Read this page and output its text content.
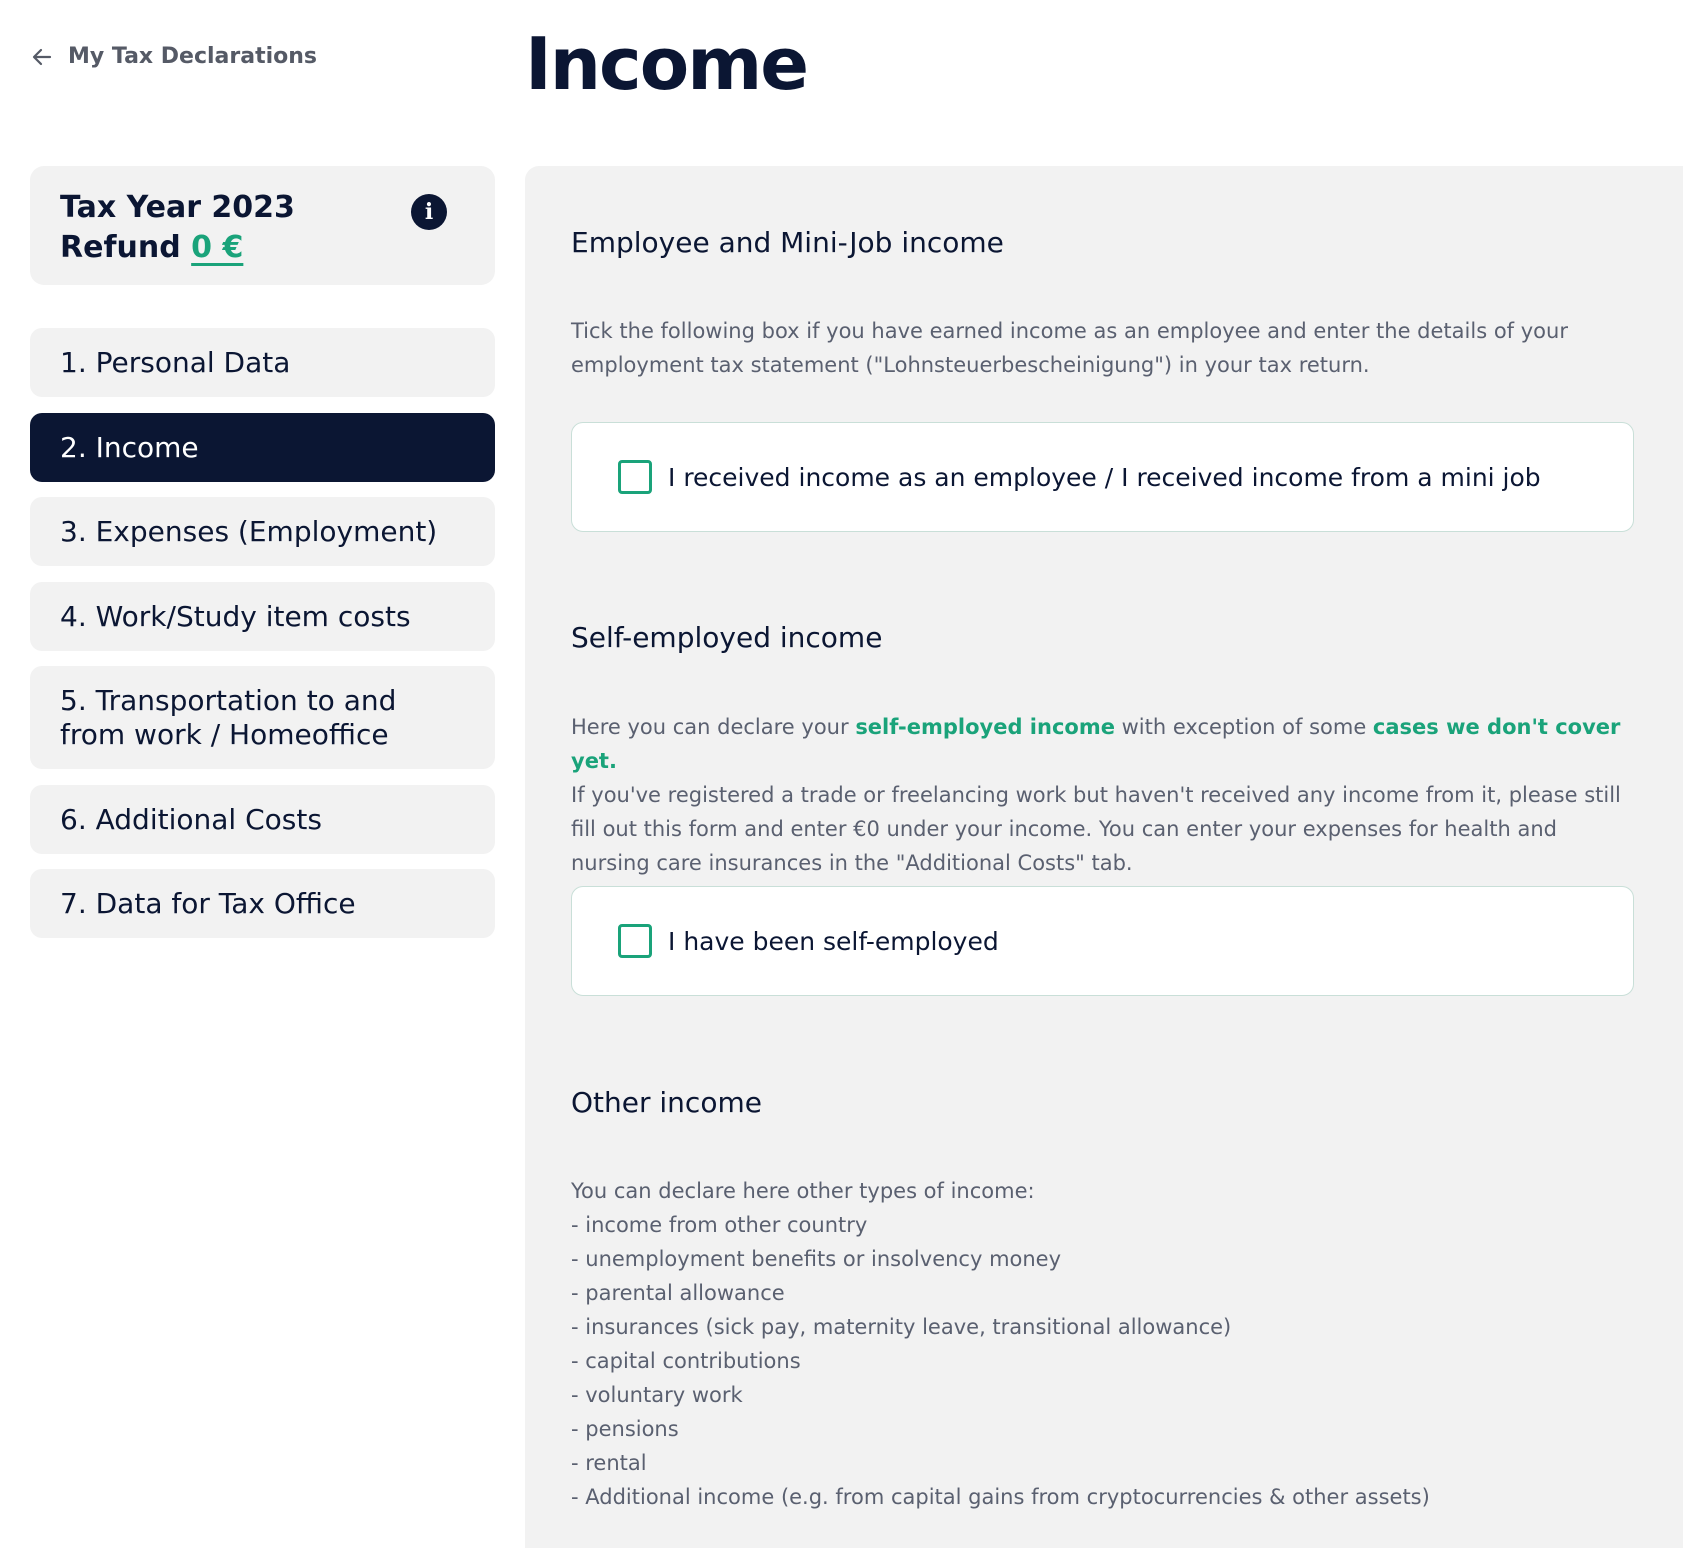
My Tax Declarations	Income
Tax Year 2023
Refund 0 €
i
1. Personal Data
2. Income
3. Expenses (Employment)
4. Work/Study item costs
5. Transportation to and from work / Homeoffice
6. Additional Costs
7. Data for Tax Office
Employee and Mini-Job income

Tick the following box if you have earned income as an employee and enter the details of your employment tax statement ("Lohnsteuerbescheinigung") in your tax return.

I received income as an employee / I received income from a mini job
Self-employed income

Here you can declare your self-employed income with exception of some cases we don't cover yet.
If you've registered a trade or freelancing work but haven't received any income from it, please still fill out this form and enter €0 under your income. You can enter your expenses for health and nursing care insurances in the "Additional Costs" tab.

I have been self-employed
Other income
You can declare here other types of income:
- income from other country
- unemployment benefits or insolvency money
- parental allowance
- insurances (sick pay, maternity leave, transitional allowance)
- capital contributions
- voluntary work
- pensions
- rental
- Additional income (e.g. from capital gains from cryptocurrencies & other assets)
